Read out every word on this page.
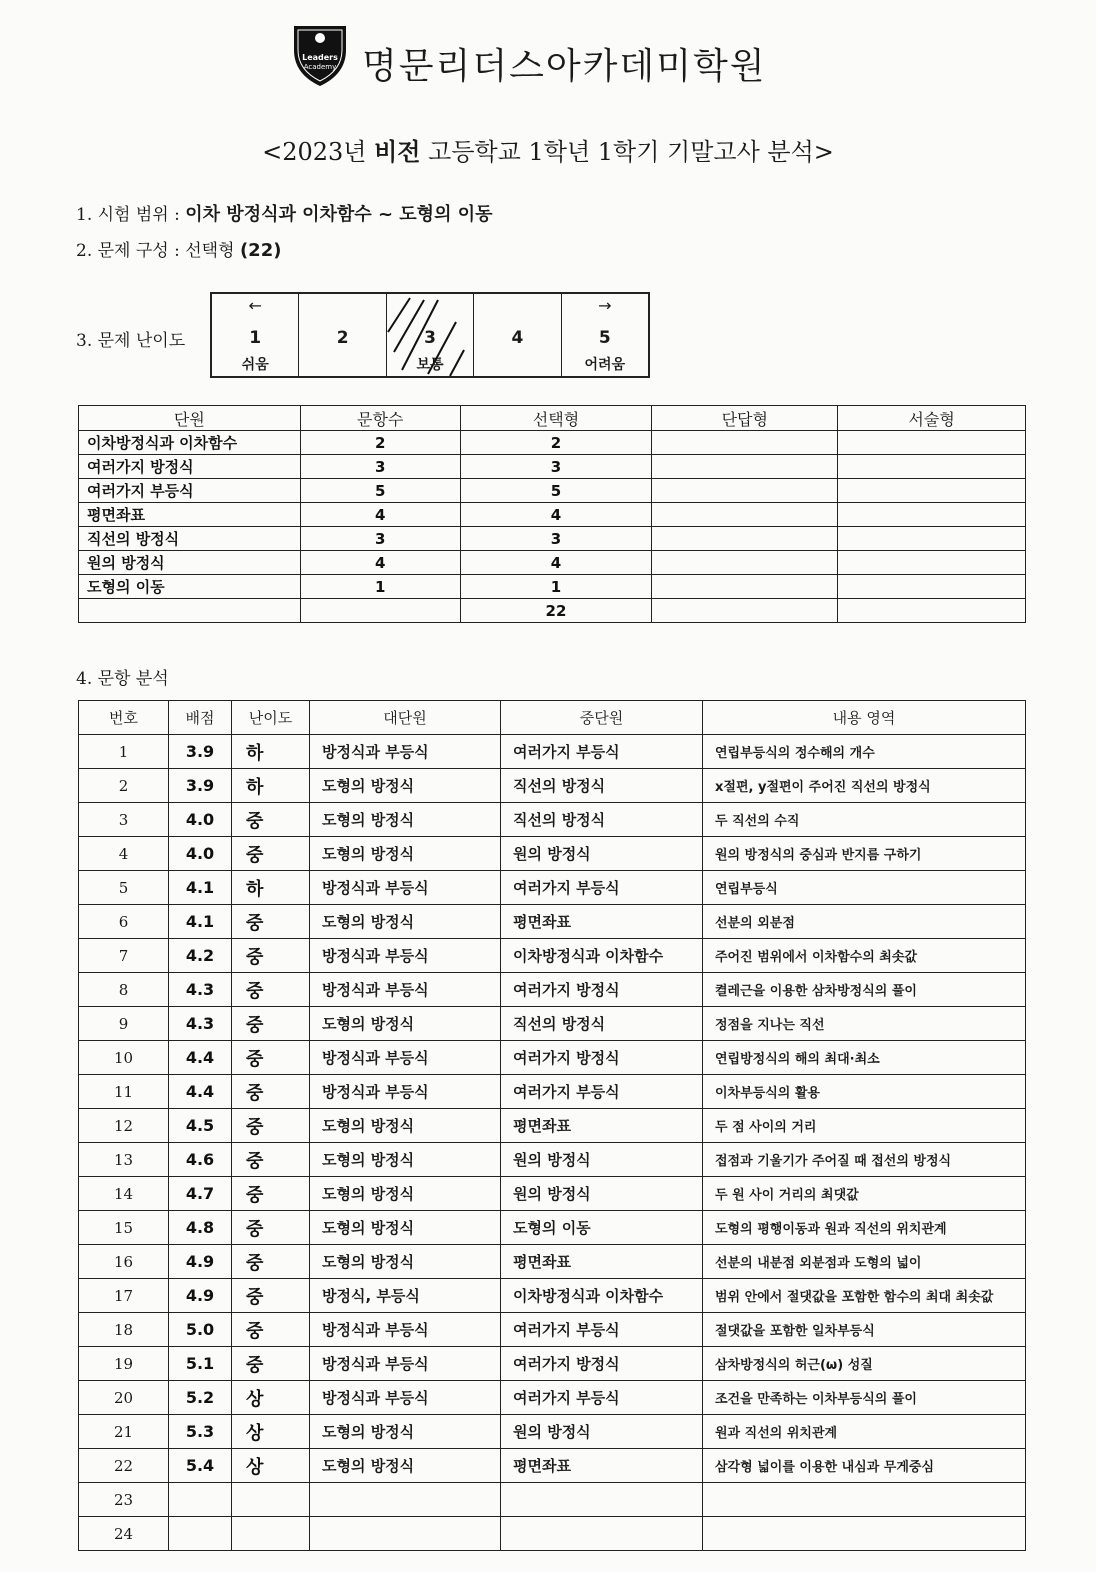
Leaders
Academy 명문리더스아카데미학원
<2023년 비전 고등학교 1학년 1학기 기말고사 분석>
1. 시험 범위 : 이차 방정식과 이차함수 ~ 도형의 이동
2. 문제 구성 : 선택형 (22)
3. 문제 난이도
←
1
쉬움
2	3
보통
4
→
5
어려움
단원	문항수	선택형	단답형	서술형
이차방정식과 이차함수	2	2		
여러가지 방정식	3	3		
여러가지 부등식	5	5		
평면좌표	4	4		
직선의 방정식	3	3		
원의 방정식	4	4		
도형의 이동	1	1		
		22		
4. 문항 분석
번호	배점	난이도	대단원	중단원	내용 영역
1	3.9	하	방정식과 부등식	여러가지 부등식	연립부등식의 정수해의 개수
2	3.9	하	도형의 방정식	직선의 방정식	x절편, y절편이 주어진 직선의 방정식
3	4.0	중	도형의 방정식	직선의 방정식	두 직선의 수직
4	4.0	중	도형의 방정식	원의 방정식	원의 방정식의 중심과 반지름 구하기
5	4.1	하	방정식과 부등식	여러가지 부등식	연립부등식
6	4.1	중	도형의 방정식	평면좌표	선분의 외분점
7	4.2	중	방정식과 부등식	이차방정식과 이차함수	주어진 범위에서 이차함수의 최솟값
8	4.3	중	방정식과 부등식	여러가지 방정식	켤레근을 이용한 삼차방정식의 풀이
9	4.3	중	도형의 방정식	직선의 방정식	정점을 지나는 직선
10	4.4	중	방정식과 부등식	여러가지 방정식	연립방정식의 해의 최대·최소
11	4.4	중	방정식과 부등식	여러가지 부등식	이차부등식의 활용
12	4.5	중	도형의 방정식	평면좌표	두 점 사이의 거리
13	4.6	중	도형의 방정식	원의 방정식	접점과 기울기가 주어질 때 접선의 방정식
14	4.7	중	도형의 방정식	원의 방정식	두 원 사이 거리의 최댓값
15	4.8	중	도형의 방정식	도형의 이동	도형의 평행이동과 원과 직선의 위치관계
16	4.9	중	도형의 방정식	평면좌표	선분의 내분점 외분점과 도형의 넓이
17	4.9	중	방정식, 부등식	이차방정식과 이차함수	범위 안에서 절댓값을 포함한 함수의 최대 최솟값
18	5.0	중	방정식과 부등식	여러가지 부등식	절댓값을 포함한 일차부등식
19	5.1	중	방정식과 부등식	여러가지 방정식	삼차방정식의 허근(ω) 성질
20	5.2	상	방정식과 부등식	여러가지 부등식	조건을 만족하는 이차부등식의 풀이
21	5.3	상	도형의 방정식	원의 방정식	원과 직선의 위치관계
22	5.4	상	도형의 방정식	평면좌표	삼각형 넓이를 이용한 내심과 무게중심
23					
24					
